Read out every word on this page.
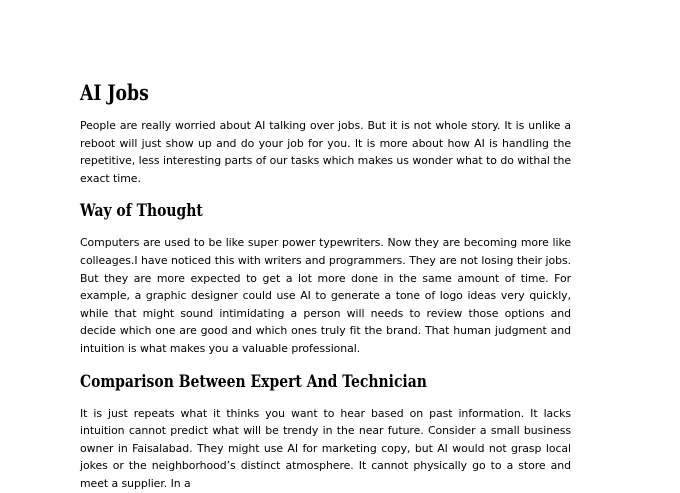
AI Jobs

People are really worried about AI talking over jobs. But it is not whole story. It is unlike a reboot will just show up and do your job for you. It is more about how AI is handling the repetitive, less interesting parts of our tasks which makes us wonder what to do withal the exact time.

Way of Thought

Computers are used to be like super power typewriters. Now they are becoming more like colleages.I have noticed this with writers and programmers. They are not losing their jobs. But they are more expected to get a lot more done in the same amount of time. For example, a graphic designer could use AI to generate a tone of logo ideas very quickly, while that might sound intimidating a person will needs to review those options and decide which one are good and which ones truly fit the brand. That human judgment and intuition is what makes you a valuable professional.

Comparison Between Expert And Technician

It is just repeats what it thinks you want to hear based on past information. It lacks intuition cannot predict what will be trendy in the near future. Consider a small business owner in Faisalabad. They might use AI for marketing copy, but AI would not grasp local jokes or the neighborhood’s distinct atmosphere. It cannot physically go to a store and meet a supplier. In a
